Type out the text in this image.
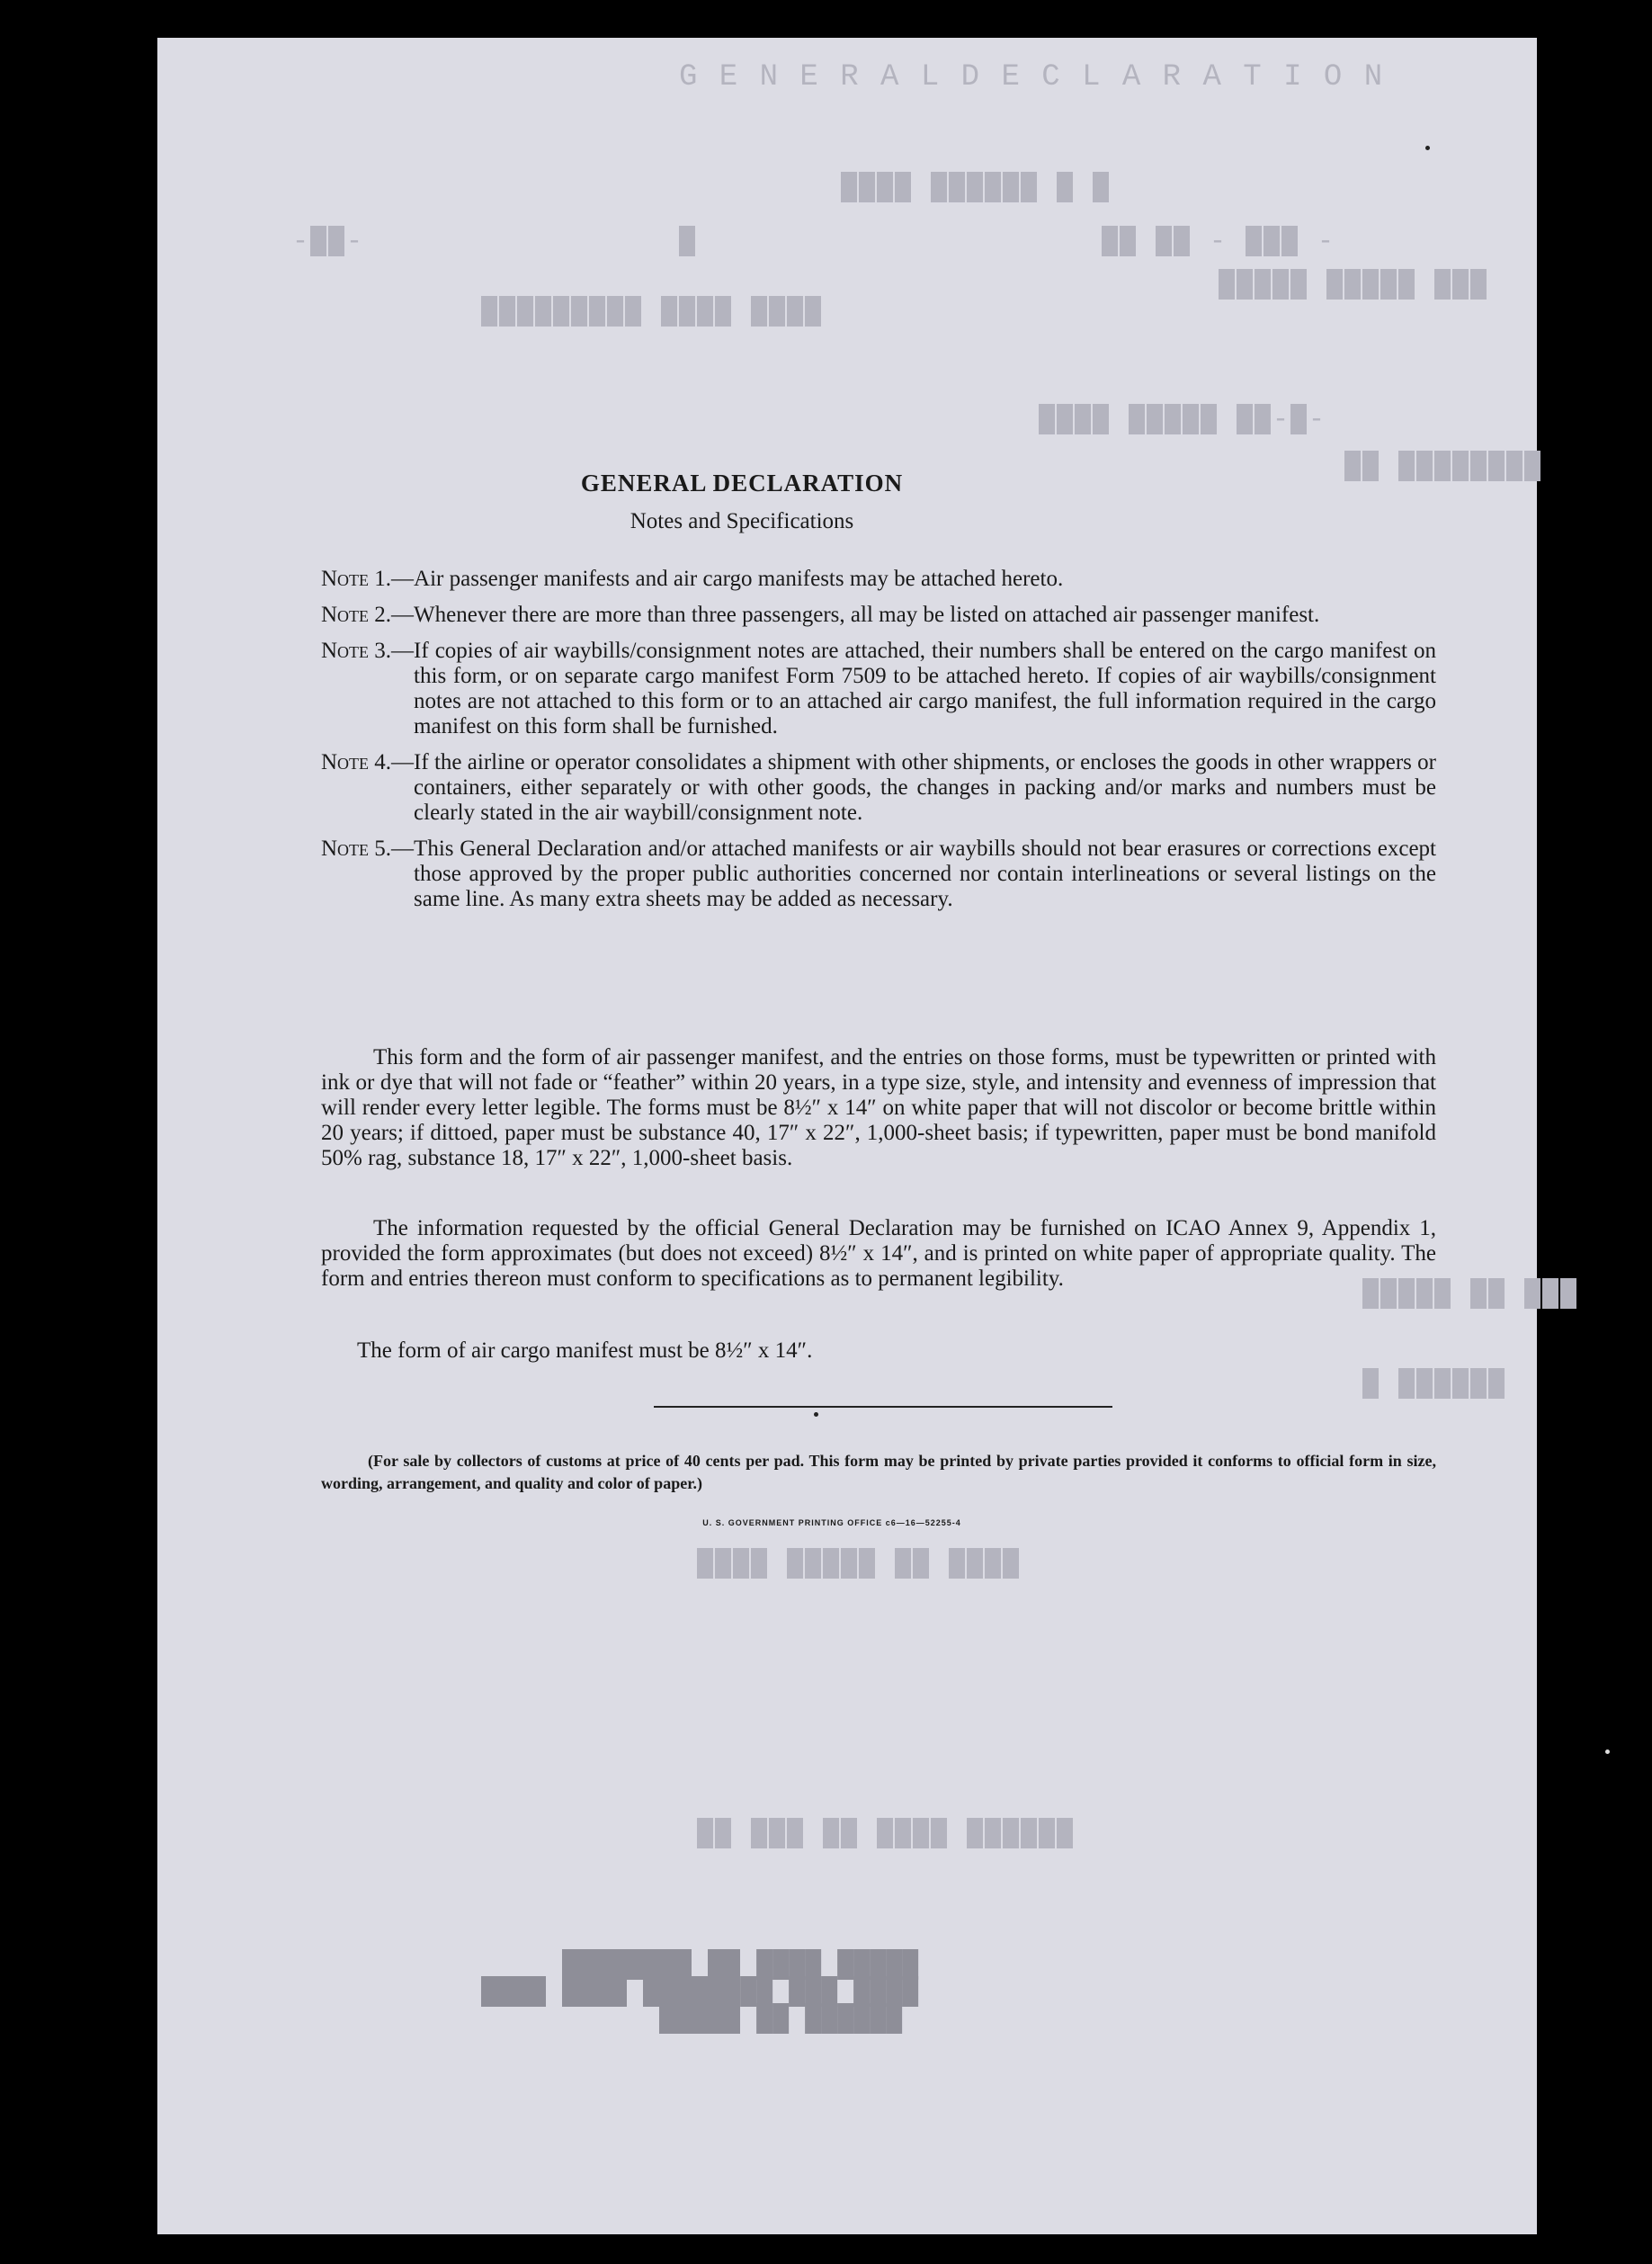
G E N E R A L D E C L A R A T I O N
████ ██████ █ █
-██-	█	██ ██ - ███ -
█████ █████ ███
█████████ ████ ████
████ █████ ██-█-
██ ████████
█████ ██ ███
█ ██████
████ █████ ██ ████
██ ███ ██ ████ ██████
GENERAL DECLARATION
Notes and Specifications
Note 1.— Air passenger manifests and air cargo manifests may be attached hereto.
Note 2.— Whenever there are more than three passengers, all may be listed on attached air passenger manifest.
Note 3.— If copies of air waybills/consignment notes are attached, their numbers shall be entered on the cargo manifest on this form, or on separate cargo manifest Form 7509 to be attached hereto. If copies of air waybills/consignment notes are not attached to this form or to an attached air cargo manifest, the full information required in the cargo manifest on this form shall be furnished.
Note 4.— If the airline or operator consolidates a shipment with other shipments, or encloses the goods in other wrappers or containers, either separately or with other goods, the changes in packing and/or marks and numbers must be clearly stated in the air waybill/consignment note.
Note 5.— This General Declaration and/or attached manifests or air waybills should not bear erasures or corrections except those approved by the proper public authorities concerned nor contain interlineations or several listings on the same line. As many extra sheets may be added as necessary.
This form and the form of air passenger manifest, and the entries on those forms, must be typewritten or printed with ink or dye that will not fade or “feather” within 20 years, in a type size, style, and intensity and evenness of impression that will render every letter legible. The forms must be 8½″ x 14″ on white paper that will not discolor or become brittle within 20 years; if dittoed, paper must be substance 40, 17″ x 22″, 1,000-sheet basis; if typewritten, paper must be bond manifold 50% rag, substance 18, 17″ x 22″, 1,000-sheet basis.
The information requested by the official General Declaration may be furnished on ICAO Annex 9, Appendix 1, provided the form approximates (but does not exceed) 8½″ x 14″, and is printed on white paper of appropriate quality. The form and entries thereon must conform to specifications as to permanent legibility.
The form of air cargo manifest must be 8½″ x 14″.
(For sale by collectors of customs at price of 40 cents per pad. This form may be printed by private parties provided it conforms to official form in size, wording, arrangement, and quality and color of paper.)
U. S. GOVERNMENT PRINTING OFFICE c6—16—52255-4
█████ ████ ██ ████████
████ ███ ████████ ████ ████
██████ ██ █████
